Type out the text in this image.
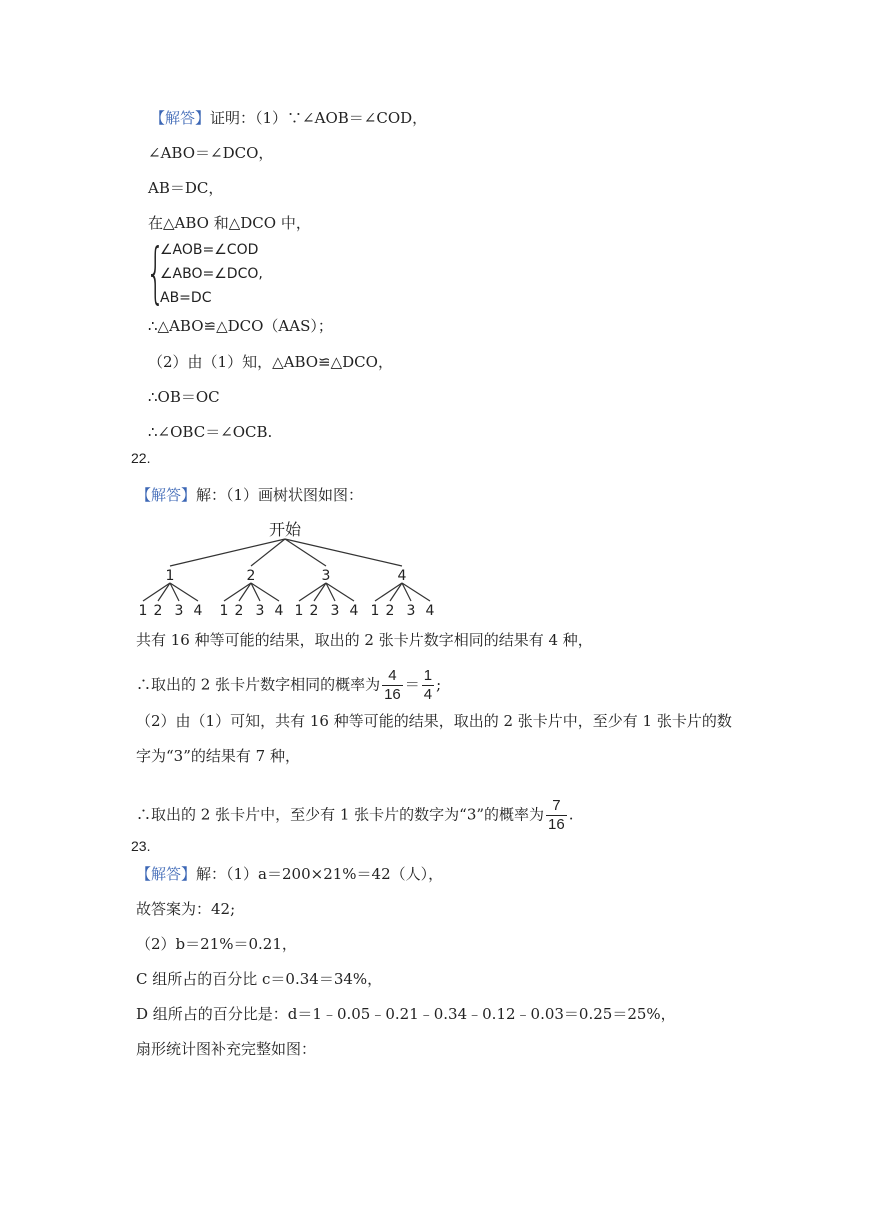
【解答】证明：（1）∵∠AOB＝∠COD，
∠ABO＝∠DCO，
AB＝DC，
在△ABO 和△DCO 中，
{
∠AOB=∠COD
∠ABO=∠DCO,
AB=DC
∴△ABO≌△DCO（AAS）；
（2）由（1）知，△ABO≌△DCO，
∴OB＝OC
∴∠OBC＝∠OCB.
22.
【解答】解：（1）画树状图如图：
开始
1
1 2 3 4
2
1 2 3 4
3
1 2 3 4
4
1 2 3 4
共有 16 种等可能的结果，取出的 2 张卡片数字相同的结果有 4 种，
∴取出的 2 张卡片数字相同的概率为 $\frac{4}{16} = \frac{1}{4}$ ;
（2）由（1）可知，共有 16 种等可能的结果，取出的 2 张卡片中，至少有 1 张卡片的数
字为“3”的结果有 7 种，
∴取出的 2 张卡片中，至少有 1 张卡片的数字为“3”的概率为 $\frac{7}{16}$ .
23.
【解答】解：（1）a＝200×21%＝42（人），
故答案为：42;
（2）b＝21%＝0.21，
C 组所占的百分比 c＝0.34＝34%，
D 组所占的百分比是：d＝1﹣0.05﹣0.21﹣0.34﹣0.12﹣0.03＝0.25＝25%，
扇形统计图补充完整如图：
